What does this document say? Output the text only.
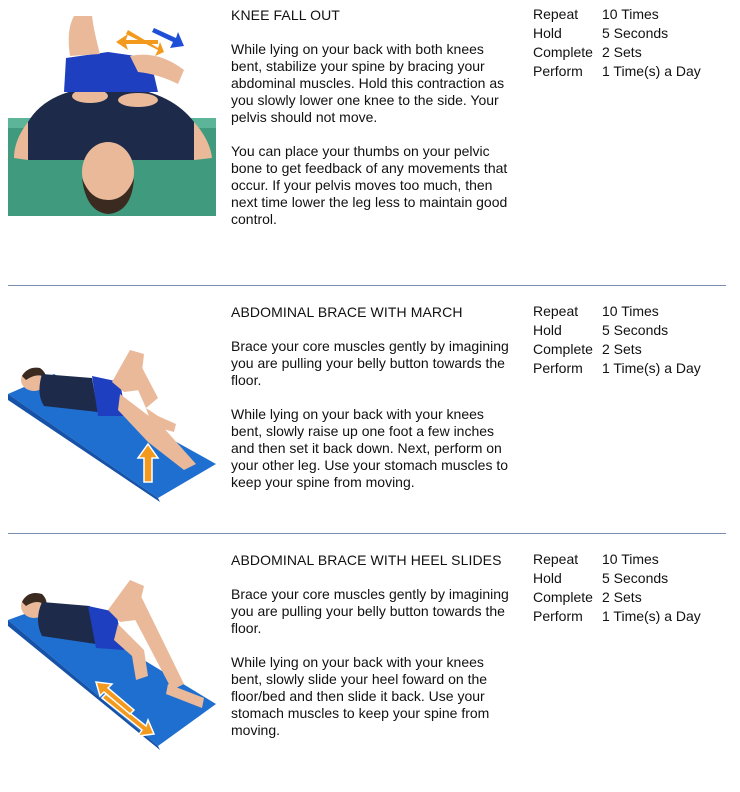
KNEE FALL OUT

While lying on your back with both knees bent, stabilize your spine by bracing your abdominal muscles. Hold this contraction as you slowly lower one knee to the side. Your pelvis should not move.

You can place your thumbs on your pelvic bone to get feedback of any movements that occur. If your pelvis moves too much, then next time lower the leg less to maintain good control.

Repeat	10 Times
Hold	5 Seconds
Complete 2 Sets
Perform	1 Time(s) a Day
ABDOMINAL BRACE WITH MARCH

Brace your core muscles gently by imagining you are pulling your belly button towards the floor.

While lying on your back with your knees bent, slowly raise up one foot a few inches and then set it back down. Next, perform on your other leg. Use your stomach muscles to keep your spine from moving.

Repeat	10 Times
Hold	5 Seconds
Complete 2 Sets
Perform	1 Time(s) a Day
ABDOMINAL BRACE WITH HEEL SLIDES

Brace your core muscles gently by imagining you are pulling your belly button towards the floor.

While lying on your back with your knees bent, slowly slide your heel foward on the floor/bed and then slide it back. Use your stomach muscles to keep your spine from moving.

Repeat	10 Times
Hold	5 Seconds
Complete 2 Sets
Perform	1 Time(s) a Day
